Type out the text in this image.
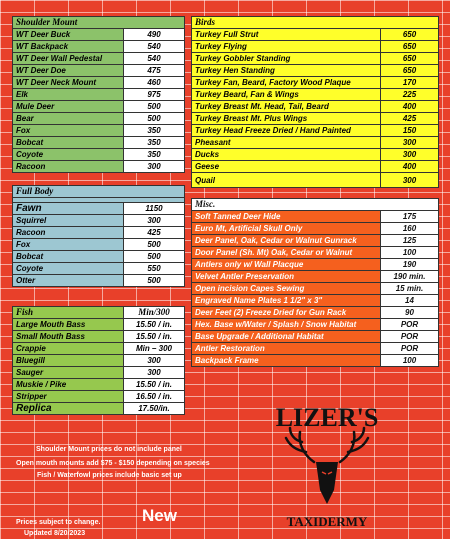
Shoulder Mount	
WT Deer Buck	490
WT Backpack	540
WT Deer Wall Pedestal	540
WT Deer Doe	475
WT Deer Neck Mount	460
Elk	975
Mule Deer	500
Bear	500
Fox	350
Bobcat	350
Coyote	350
Racoon	300
Full Body	

Fawn	1150
Squirrel	300
Racoon	425
Fox	500
Bobcat	500
Coyote	550
Otter	500
Fish	Min/300
Large Mouth Bass	15.50 / in.
Small Mouth Bass	15.50 / in.
Crappie	Min – 300
Bluegill	300
Sauger	300
Muskie / Pike	15.50 / in.
Stripper	16.50 / in.
Replica	17.50/in.
Birds	
Turkey Full Strut	650
Turkey Flying	650
Turkey Gobbler Standing	650
Turkey Hen Standing	650
Turkey Fan, Beard, Factory Wood Plaque	170
Turkey Beard, Fan & Wings	225
Turkey Breast Mt. Head, Tail, Beard	400
Turkey Breast Mt. Plus Wings	425
Turkey Head Freeze Dried / Hand Painted	150
Pheasant	300
Ducks	300
Geese	400
Quail	300
Misc.	
Soft Tanned Deer Hide	175
Euro Mt, Artificial Skull Only	160
Deer Panel, Oak, Cedar or Walnut Gunrack	125
Door Panel (Sh. Mt) Oak, Cedar or Walnut	100
Antlers only w/ Wall Placque	190
Velvet Antler Preservation	190 min.
Open incision Capes Sewing	15 min.
Engraved Name Plates 1 1/2" x 3"	14
Deer Feet (2) Freeze Dried for Gun Rack	90
Hex. Base w/Water / Splash / Snow Habitat	POR
Base Upgrade / Additional Habitat	POR
Antler Restoration	POR
Backpack Frame	100
Shoulder Mount prices do not include panel
Open mouth mounts add $75 - $150 depending on species
Fish / Waterfowl prices include basic set up
Prices subject to change.
Updated 8/20/2023
New
LIZER'S
TAXIDERMY
